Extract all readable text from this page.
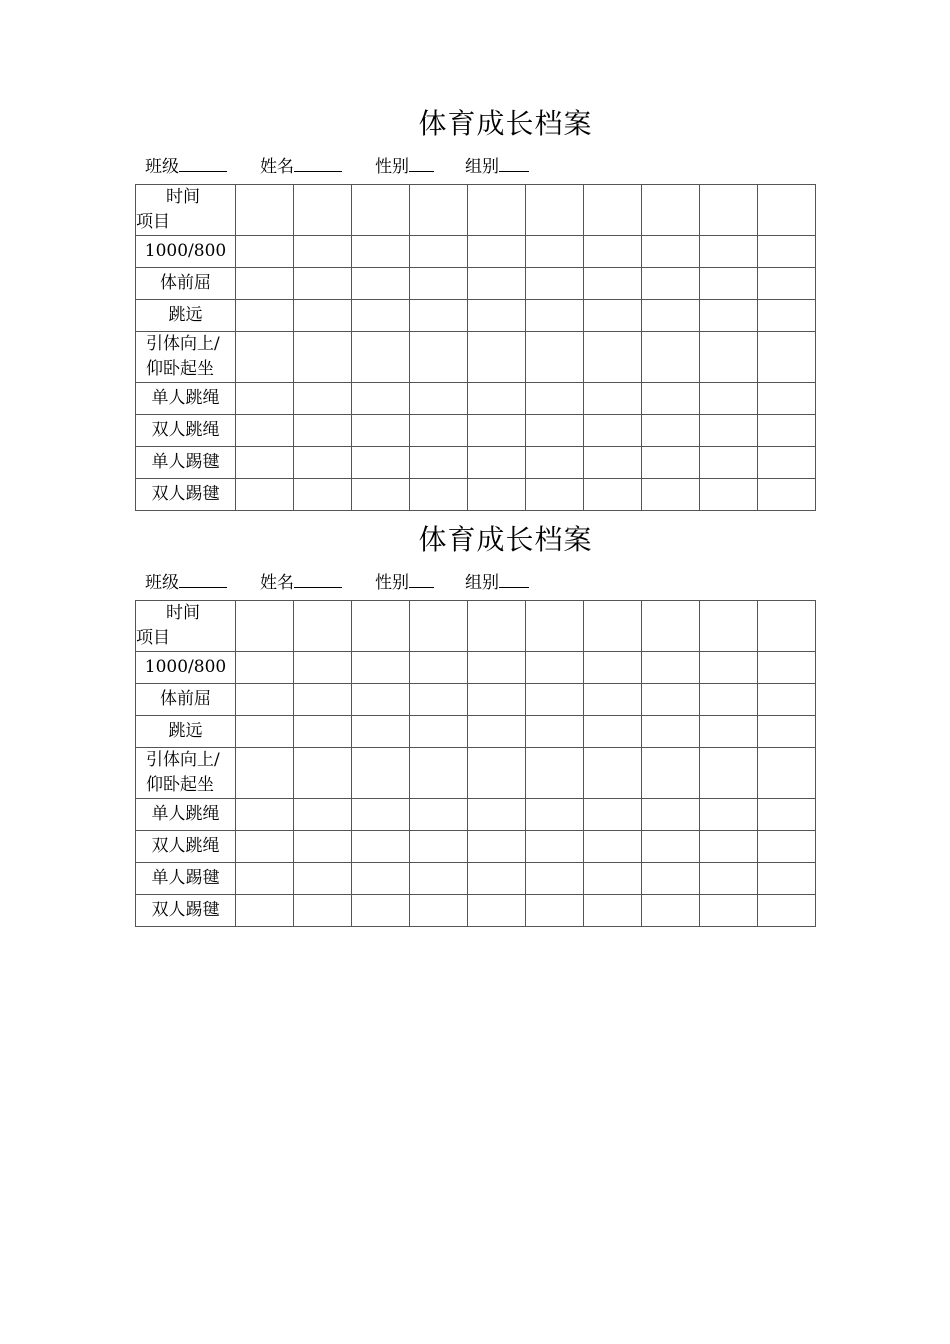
体育成长档案
班级	姓名	性别	组别
时间
项目										
1000/800										
体前屈										
跳远										
引体向上/
仰卧起坐										
单人跳绳										
双人跳绳										
单人踢毽										
双人踢毽										
体育成长档案
班级	姓名	性别	组别
时间
项目										
1000/800										
体前屈										
跳远										
引体向上/
仰卧起坐										
单人跳绳										
双人跳绳										
单人踢毽										
双人踢毽										
